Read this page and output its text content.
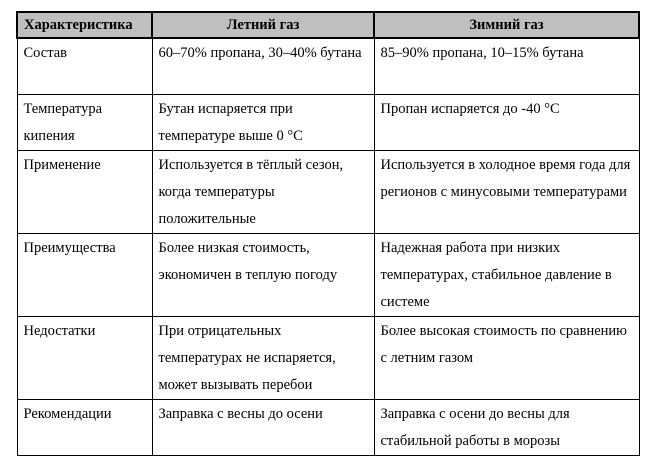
Характеристика	Летний газ	Зимний газ
Состав	60–70% пропана, 30–40% бутана	85–90% пропана, 10–15% бутана
Температура кипения	Бутан испаряется при температуре выше 0 °C	Пропан испаряется до -40 °C
Применение	Используется в тёплый сезон, когда температуры положительные	Используется в холодное время года для регионов с минусовыми температурами
Преимущества	Более низкая стоимость, экономичен в теплую погоду	Надежная работа при низких температурах, стабильное давление в системе
Недостатки	При отрицательных температурах не испаряется, может вызывать перебои	Более высокая стоимость по сравнению с летним газом
Рекомендации	Заправка с весны до осени	Заправка с осени до весны для стабильной работы в морозы
